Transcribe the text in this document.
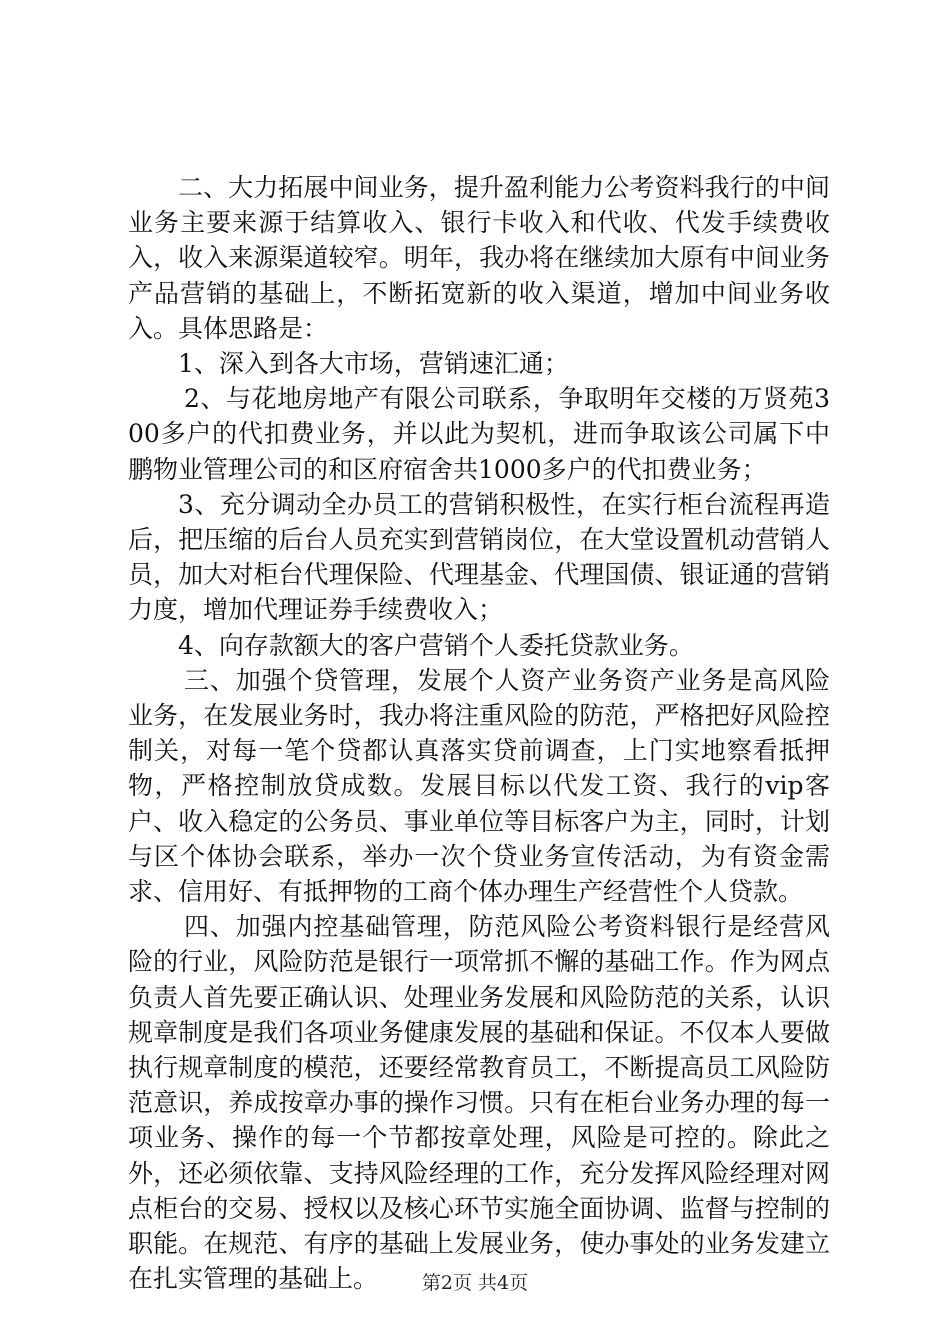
二、大力拓展中间业务，提升盈利能力公考资料我行的中间业务主要来源于结算收入、银行卡收入和代收、代发手续费收入，收入来源渠道较窄。明年，我办将在继续加大原有中间业务产品营销的基础上，不断拓宽新的收入渠道，增加中间业务收入。具体思路是：

1、深入到各大市场，营销速汇通；

2、与花地房地产有限公司联系，争取明年交楼的万贤苑300多户的代扣费业务，并以此为契机，进而争取该公司属下中鹏物业管理公司的和区府宿舍共1000多户的代扣费业务；

3、充分调动全办员工的营销积极性，在实行柜台流程再造后，把压缩的后台人员充实到营销岗位，在大堂设置机动营销人员，加大对柜台代理保险、代理基金、代理国债、银证通的营销力度，增加代理证券手续费收入；

4、向存款额大的客户营销个人委托贷款业务。

三、加强个贷管理，发展个人资产业务资产业务是高风险业务，在发展业务时，我办将注重风险的防范，严格把好风险控制关，对每一笔个贷都认真落实贷前调查，上门实地察看抵押物，严格控制放贷成数。发展目标以代发工资、我行的vip客户、收入稳定的公务员、事业单位等目标客户为主，同时，计划与区个体协会联系，举办一次个贷业务宣传活动，为有资金需求、信用好、有抵押物的工商个体办理生产经营性个人贷款。

四、加强内控基础管理，防范风险公考资料银行是经营风险的行业，风险防范是银行一项常抓不懈的基础工作。作为网点负责人首先要正确认识、处理业务发展和风险防范的关系，认识规章制度是我们各项业务健康发展的基础和保证。不仅本人要做执行规章制度的模范，还要经常教育员工，不断提高员工风险防范意识，养成按章办事的操作习惯。只有在柜台业务办理的每一项业务、操作的每一个节都按章处理，风险是可控的。除此之外，还必须依靠、支持风险经理的工作，充分发挥风险经理对网点柜台的交易、授权以及核心环节实施全面协调、监督与控制的职能。在规范、有序的基础上发展业务，使办事处的业务发建立在扎实管理的基础上。	第2页 共4页
